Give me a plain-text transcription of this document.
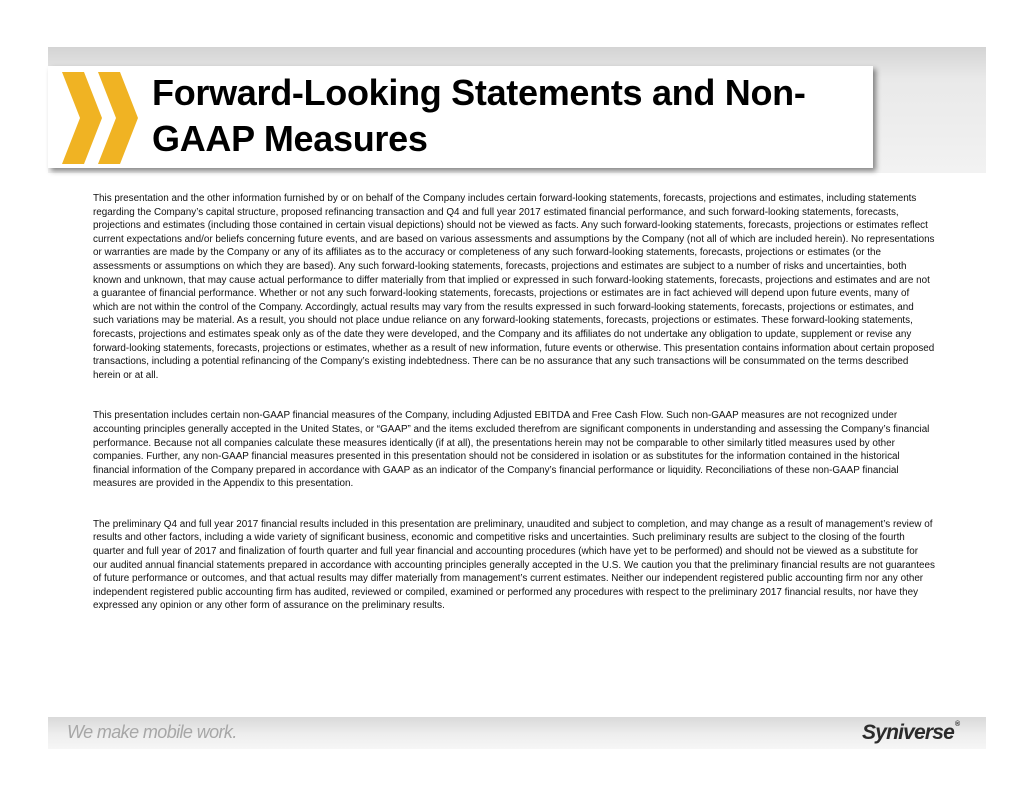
Forward-Looking Statements and Non-GAAP Measures

This presentation and the other information furnished by or on behalf of the Company includes certain forward-looking statements, forecasts, projections and estimates, including statements regarding the Company’s capital structure, proposed refinancing transaction and Q4 and full year 2017 estimated financial performance, and such forward-looking statements, forecasts, projections and estimates (including those contained in certain visual depictions) should not be viewed as facts. Any such forward-looking statements, forecasts, projections or estimates reflect current expectations and/or beliefs concerning future events, and are based on various assessments and assumptions by the Company (not all of which are included herein). No representations or warranties are made by the Company or any of its affiliates as to the accuracy or completeness of any such forward-looking statements, forecasts, projections or estimates (or the assessments or assumptions on which they are based). Any such forward-looking statements, forecasts, projections and estimates are subject to a number of risks and uncertainties, both known and unknown, that may cause actual performance to differ materially from that implied or expressed in such forward-looking statements, forecasts, projections and estimates and are not a guarantee of financial performance. Whether or not any such forward-looking statements, forecasts, projections or estimates are in fact achieved will depend upon future events, many of which are not within the control of the Company. Accordingly, actual results may vary from the results expressed in such forward-looking statements, forecasts, projections or estimates, and such variations may be material. As a result, you should not place undue reliance on any forward-looking statements, forecasts, projections or estimates. These forward-looking statements, forecasts, projections and estimates speak only as of the date they were developed, and the Company and its affiliates do not undertake any obligation to update, supplement or revise any forward-looking statements, forecasts, projections or estimates, whether as a result of new information, future events or otherwise. This presentation contains information about certain proposed transactions, including a potential refinancing of the Company’s existing indebtedness. There can be no assurance that any such transactions will be consummated on the terms described herein or at all.

This presentation includes certain non-GAAP financial measures of the Company, including Adjusted EBITDA and Free Cash Flow. Such non-GAAP measures are not recognized under accounting principles generally accepted in the United States, or “GAAP” and the items excluded therefrom are significant components in understanding and assessing the Company’s financial performance. Because not all companies calculate these measures identically (if at all), the presentations herein may not be comparable to other similarly titled measures used by other companies. Further, any non-GAAP financial measures presented in this presentation should not be considered in isolation or as substitutes for the information contained in the historical financial information of the Company prepared in accordance with GAAP as an indicator of the Company’s financial performance or liquidity. Reconciliations of these non-GAAP financial measures are provided in the Appendix to this presentation.

The preliminary Q4 and full year 2017 financial results included in this presentation are preliminary, unaudited and subject to completion, and may change as a result of management’s review of results and other factors, including a wide variety of significant business, economic and competitive risks and uncertainties. Such preliminary results are subject to the closing of the fourth quarter and full year of 2017 and finalization of fourth quarter and full year financial and accounting procedures (which have yet to be performed) and should not be viewed as a substitute for our audited annual financial statements prepared in accordance with accounting principles generally accepted in the U.S. We caution you that the preliminary financial results are not guarantees of future performance or outcomes, and that actual results may differ materially from management’s current estimates. Neither our independent registered public accounting firm nor any other independent registered public accounting firm has audited, reviewed or compiled, examined or performed any procedures with respect to the preliminary 2017 financial results, nor have they expressed any opinion or any other form of assurance on the preliminary results.

We make mobile work.	Syniverse®
